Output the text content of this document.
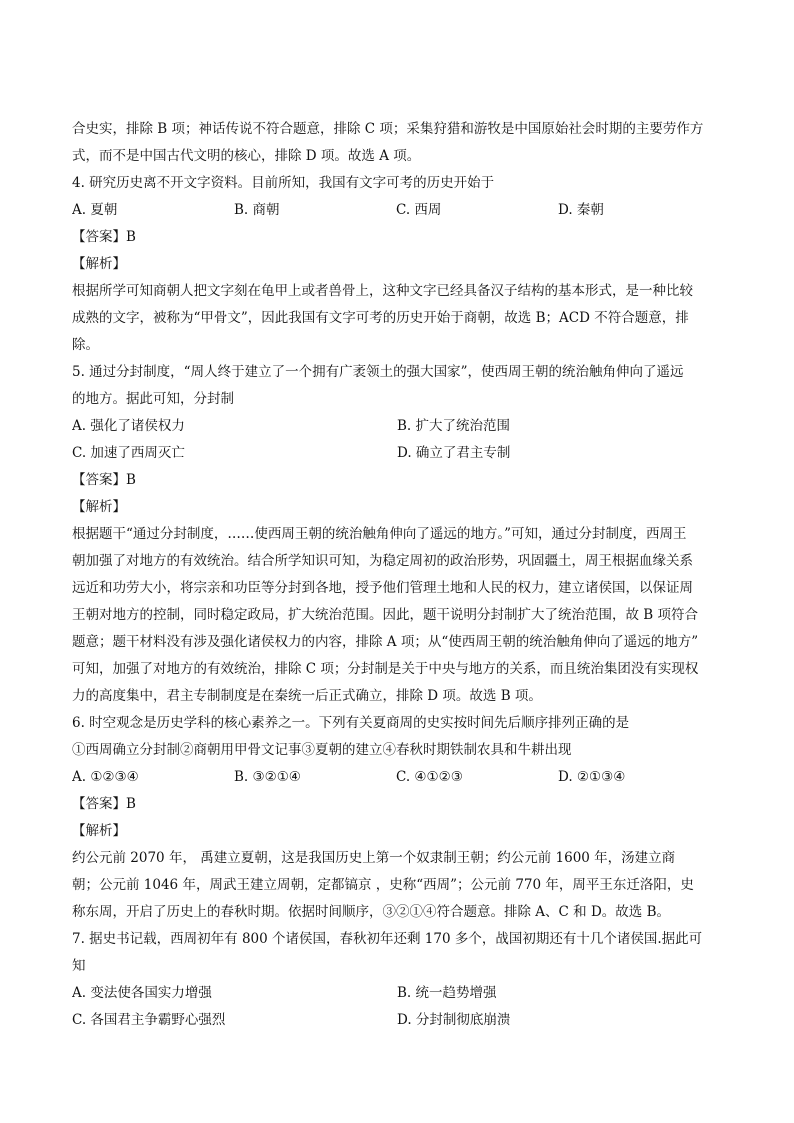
合史实，排除 B 项；神话传说不符合题意，排除 C 项；采集狩猎和游牧是中国原始社会时期的主要劳作方
式，而不是中国古代文明的核心，排除 D 项。故选 A 项。
4. 研究历史离不开文字资料。目前所知，我国有文字可考的历史开始于
A. 夏朝	B. 商朝	C. 西周	D. 秦朝
【答案】B
【解析】
根据所学可知商朝人把文字刻在龟甲上或者兽骨上，这种文字已经具备汉子结构的基本形式，是一种比较
成熟的文字，被称为“甲骨文”，因此我国有文字可考的历史开始于商朝，故选 B；ACD 不符合题意，排
除。
5. 通过分封制度，“周人终于建立了一个拥有广袤领土的强大国家”，使西周王朝的统治触角伸向了遥远
的地方。据此可知，分封制
A. 强化了诸侯权力	B. 扩大了统治范围
C. 加速了西周灭亡	D. 确立了君主专制
【答案】B
【解析】
根据题干“通过分封制度，……使西周王朝的统治触角伸向了遥远的地方。”可知，通过分封制度，西周王
朝加强了对地方的有效统治。结合所学知识可知，为稳定周初的政治形势，巩固疆土，周王根据血缘关系
远近和功劳大小，将宗亲和功臣等分封到各地，授予他们管理土地和人民的权力，建立诸侯国，以保证周
王朝对地方的控制，同时稳定政局，扩大统治范围。因此，题干说明分封制扩大了统治范围，故 B 项符合
题意；题干材料没有涉及强化诸侯权力的内容，排除 A 项；从“使西周王朝的统治触角伸向了遥远的地方”
可知，加强了对地方的有效统治，排除 C 项；分封制是关于中央与地方的关系，而且统治集团没有实现权
力的高度集中，君主专制制度是在秦统一后正式确立，排除 D 项。故选 B 项。
6. 时空观念是历史学科的核心素养之一。下列有关夏商周的史实按时间先后顺序排列正确的是
①西周确立分封制②商朝用甲骨文记事③夏朝的建立④春秋时期铁制农具和牛耕出现
A. ①②③④	B. ③②①④	C. ④①②③	D. ②①③④
【答案】B
【解析】
约公元前 2070 年， 禹建立夏朝，这是我国历史上第一个奴隶制王朝；约公元前 1600 年，汤建立商
朝；公元前 1046 年，周武王建立周朝，定都镐京 ，史称“西周”；公元前 770 年，周平王东迁洛阳，史
称东周，开启了历史上的春秋时期。依据时间顺序，③②①④符合题意。排除 A、C 和 D。故选 B。
7. 据史书记载，西周初年有 800 个诸侯国，春秋初年还剩 170 多个，战国初期还有十几个诸侯国.据此可
知
A. 变法使各国实力增强	B. 统一趋势增强
C. 各国君主争霸野心强烈	D. 分封制彻底崩溃
